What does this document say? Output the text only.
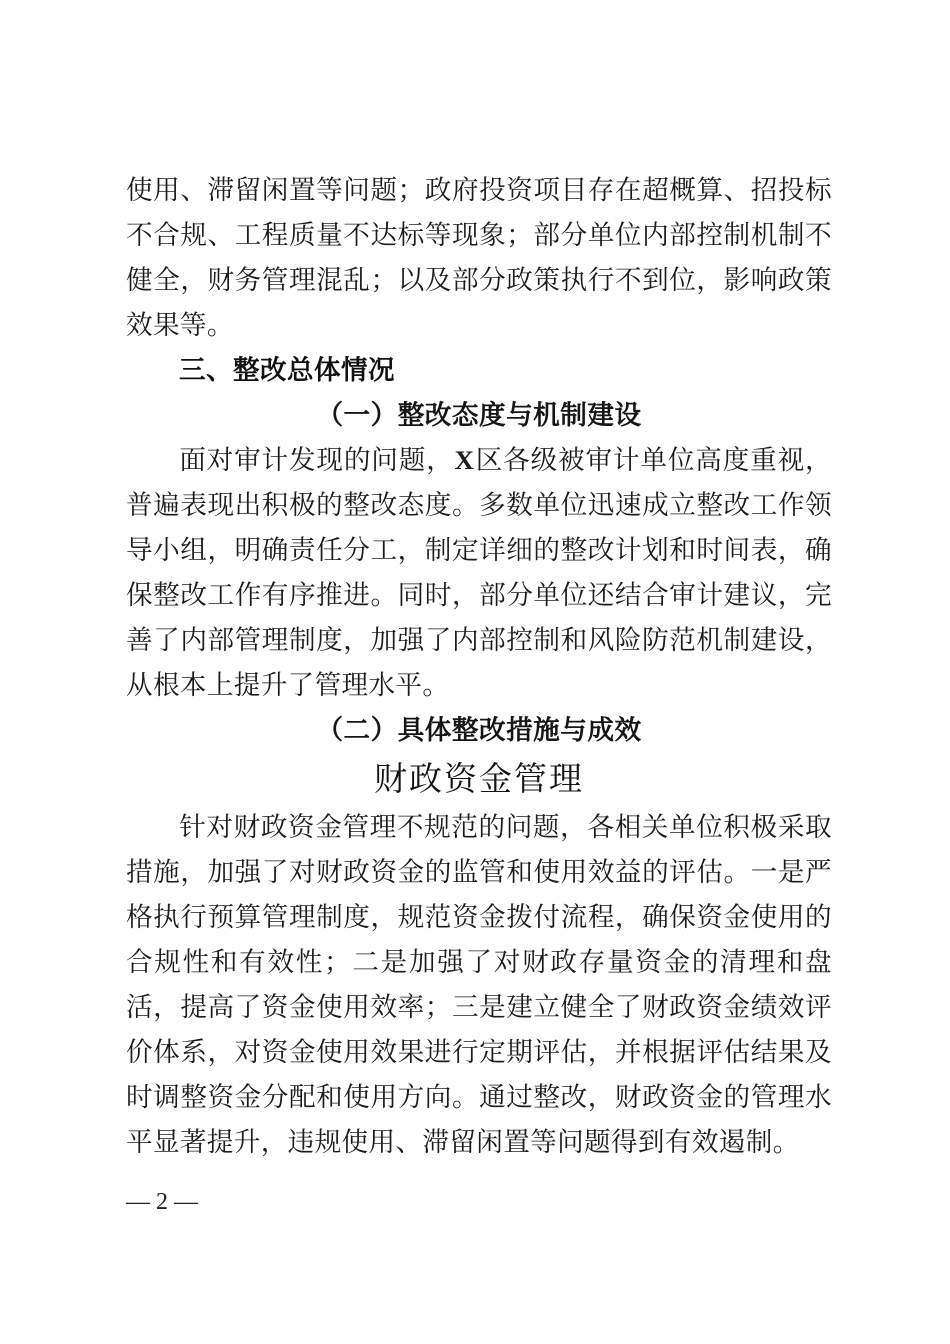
使用、滞留闲置等问题；政府投资项目存在超概算、招投标不合规、工程质量不达标等现象；部分单位内部控制机制不健全，财务管理混乱；以及部分政策执行不到位，影响政策效果等。

三、整改总体情况
（一）整改态度与机制建设

面对审计发现的问题，X区各级被审计单位高度重视，普遍表现出积极的整改态度。多数单位迅速成立整改工作领导小组，明确责任分工，制定详细的整改计划和时间表，确保整改工作有序推进。同时，部分单位还结合审计建议，完善了内部管理制度，加强了内部控制和风险防范机制建设，从根本上提升了管理水平。

（二）具体整改措施与成效
财政资金管理

针对财政资金管理不规范的问题，各相关单位积极采取措施，加强了对财政资金的监管和使用效益的评估。一是严格执行预算管理制度，规范资金拨付流程，确保资金使用的合规性和有效性；二是加强了对财政存量资金的清理和盘活，提高了资金使用效率；三是建立健全了财政资金绩效评价体系，对资金使用效果进行定期评估，并根据评估结果及时调整资金分配和使用方向。通过整改，财政资金的管理水平显著提升，违规使用、滞留闲置等问题得到有效遏制。

— 2 —
